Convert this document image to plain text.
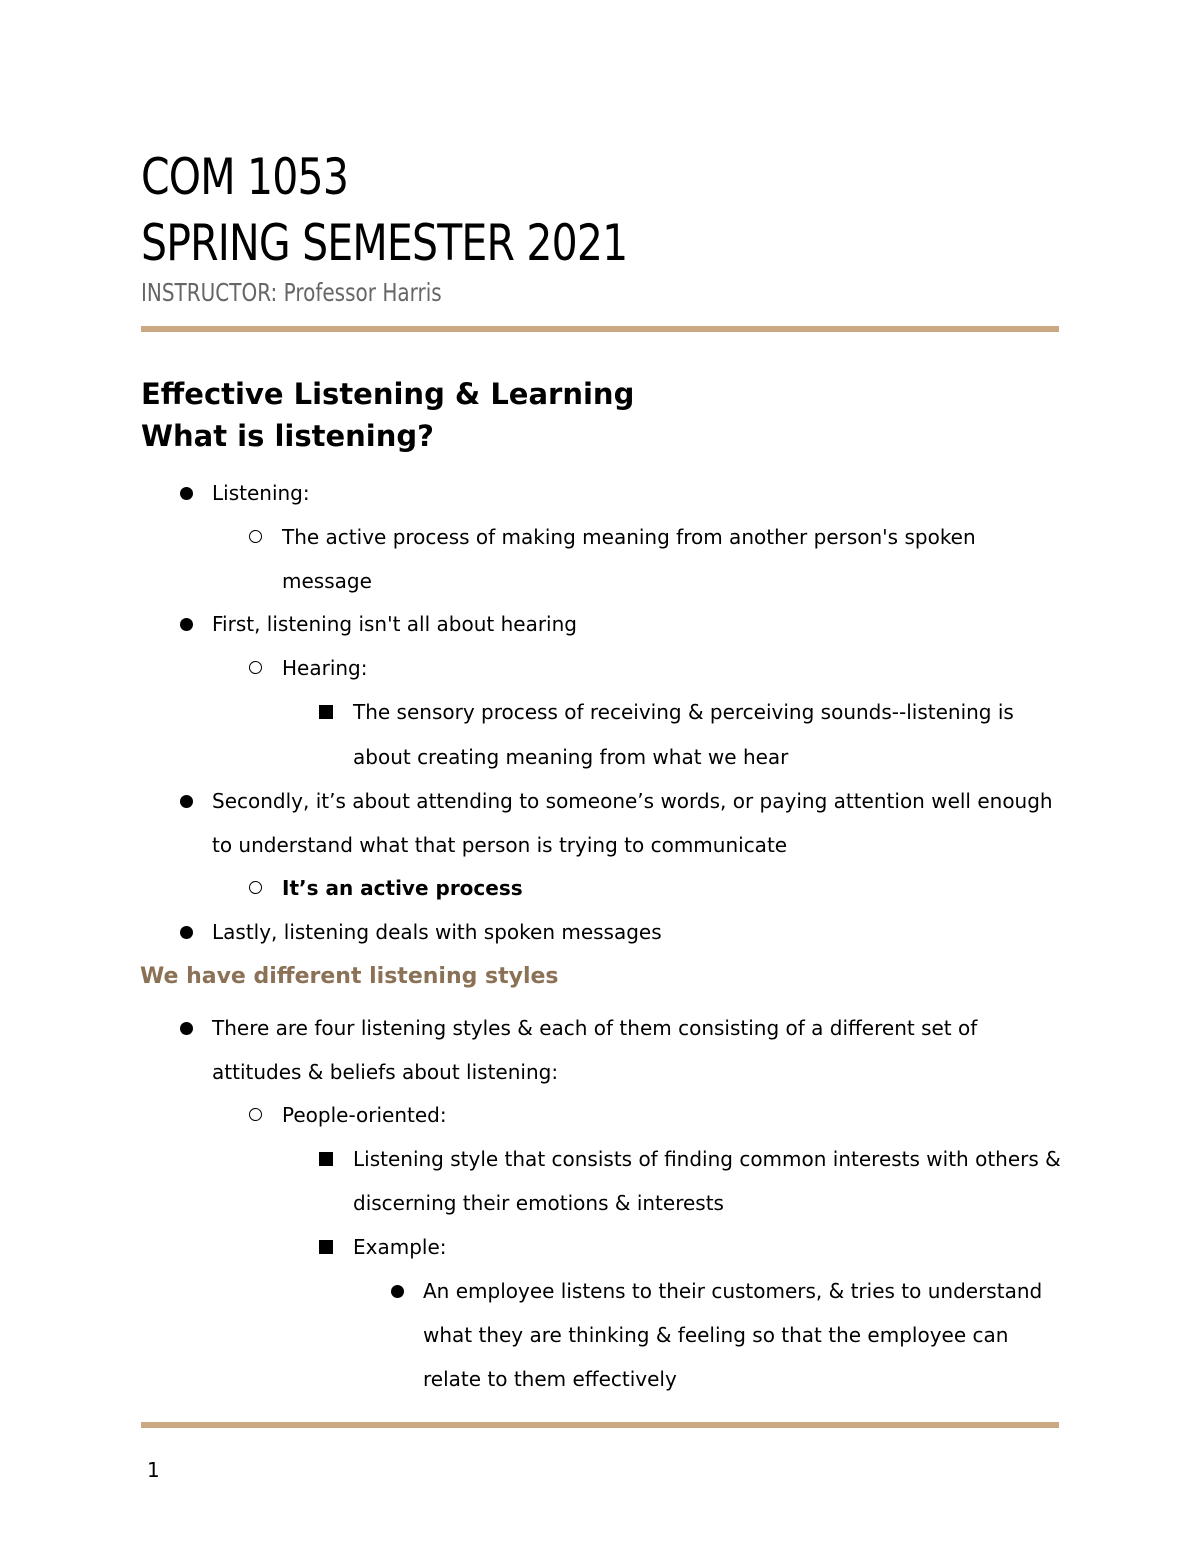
COM 1053
SPRING SEMESTER 2021
INSTRUCTOR: Professor Harris
Effective Listening & Learning
What is listening?
Listening:
The active process of making meaning from another person's spoken
message
First, listening isn't all about hearing
Hearing:
The sensory process of receiving & perceiving sounds--listening is
about creating meaning from what we hear
Secondly, it’s about attending to someone’s words, or paying attention well enough
to understand what that person is trying to communicate
It’s an active process
Lastly, listening deals with spoken messages
We have different listening styles
There are four listening styles & each of them consisting of a different set of
attitudes & beliefs about listening:
People-oriented:
Listening style that consists of finding common interests with others &
discerning their emotions & interests
Example:
An employee listens to their customers, & tries to understand
what they are thinking & feeling so that the employee can
relate to them effectively
1
